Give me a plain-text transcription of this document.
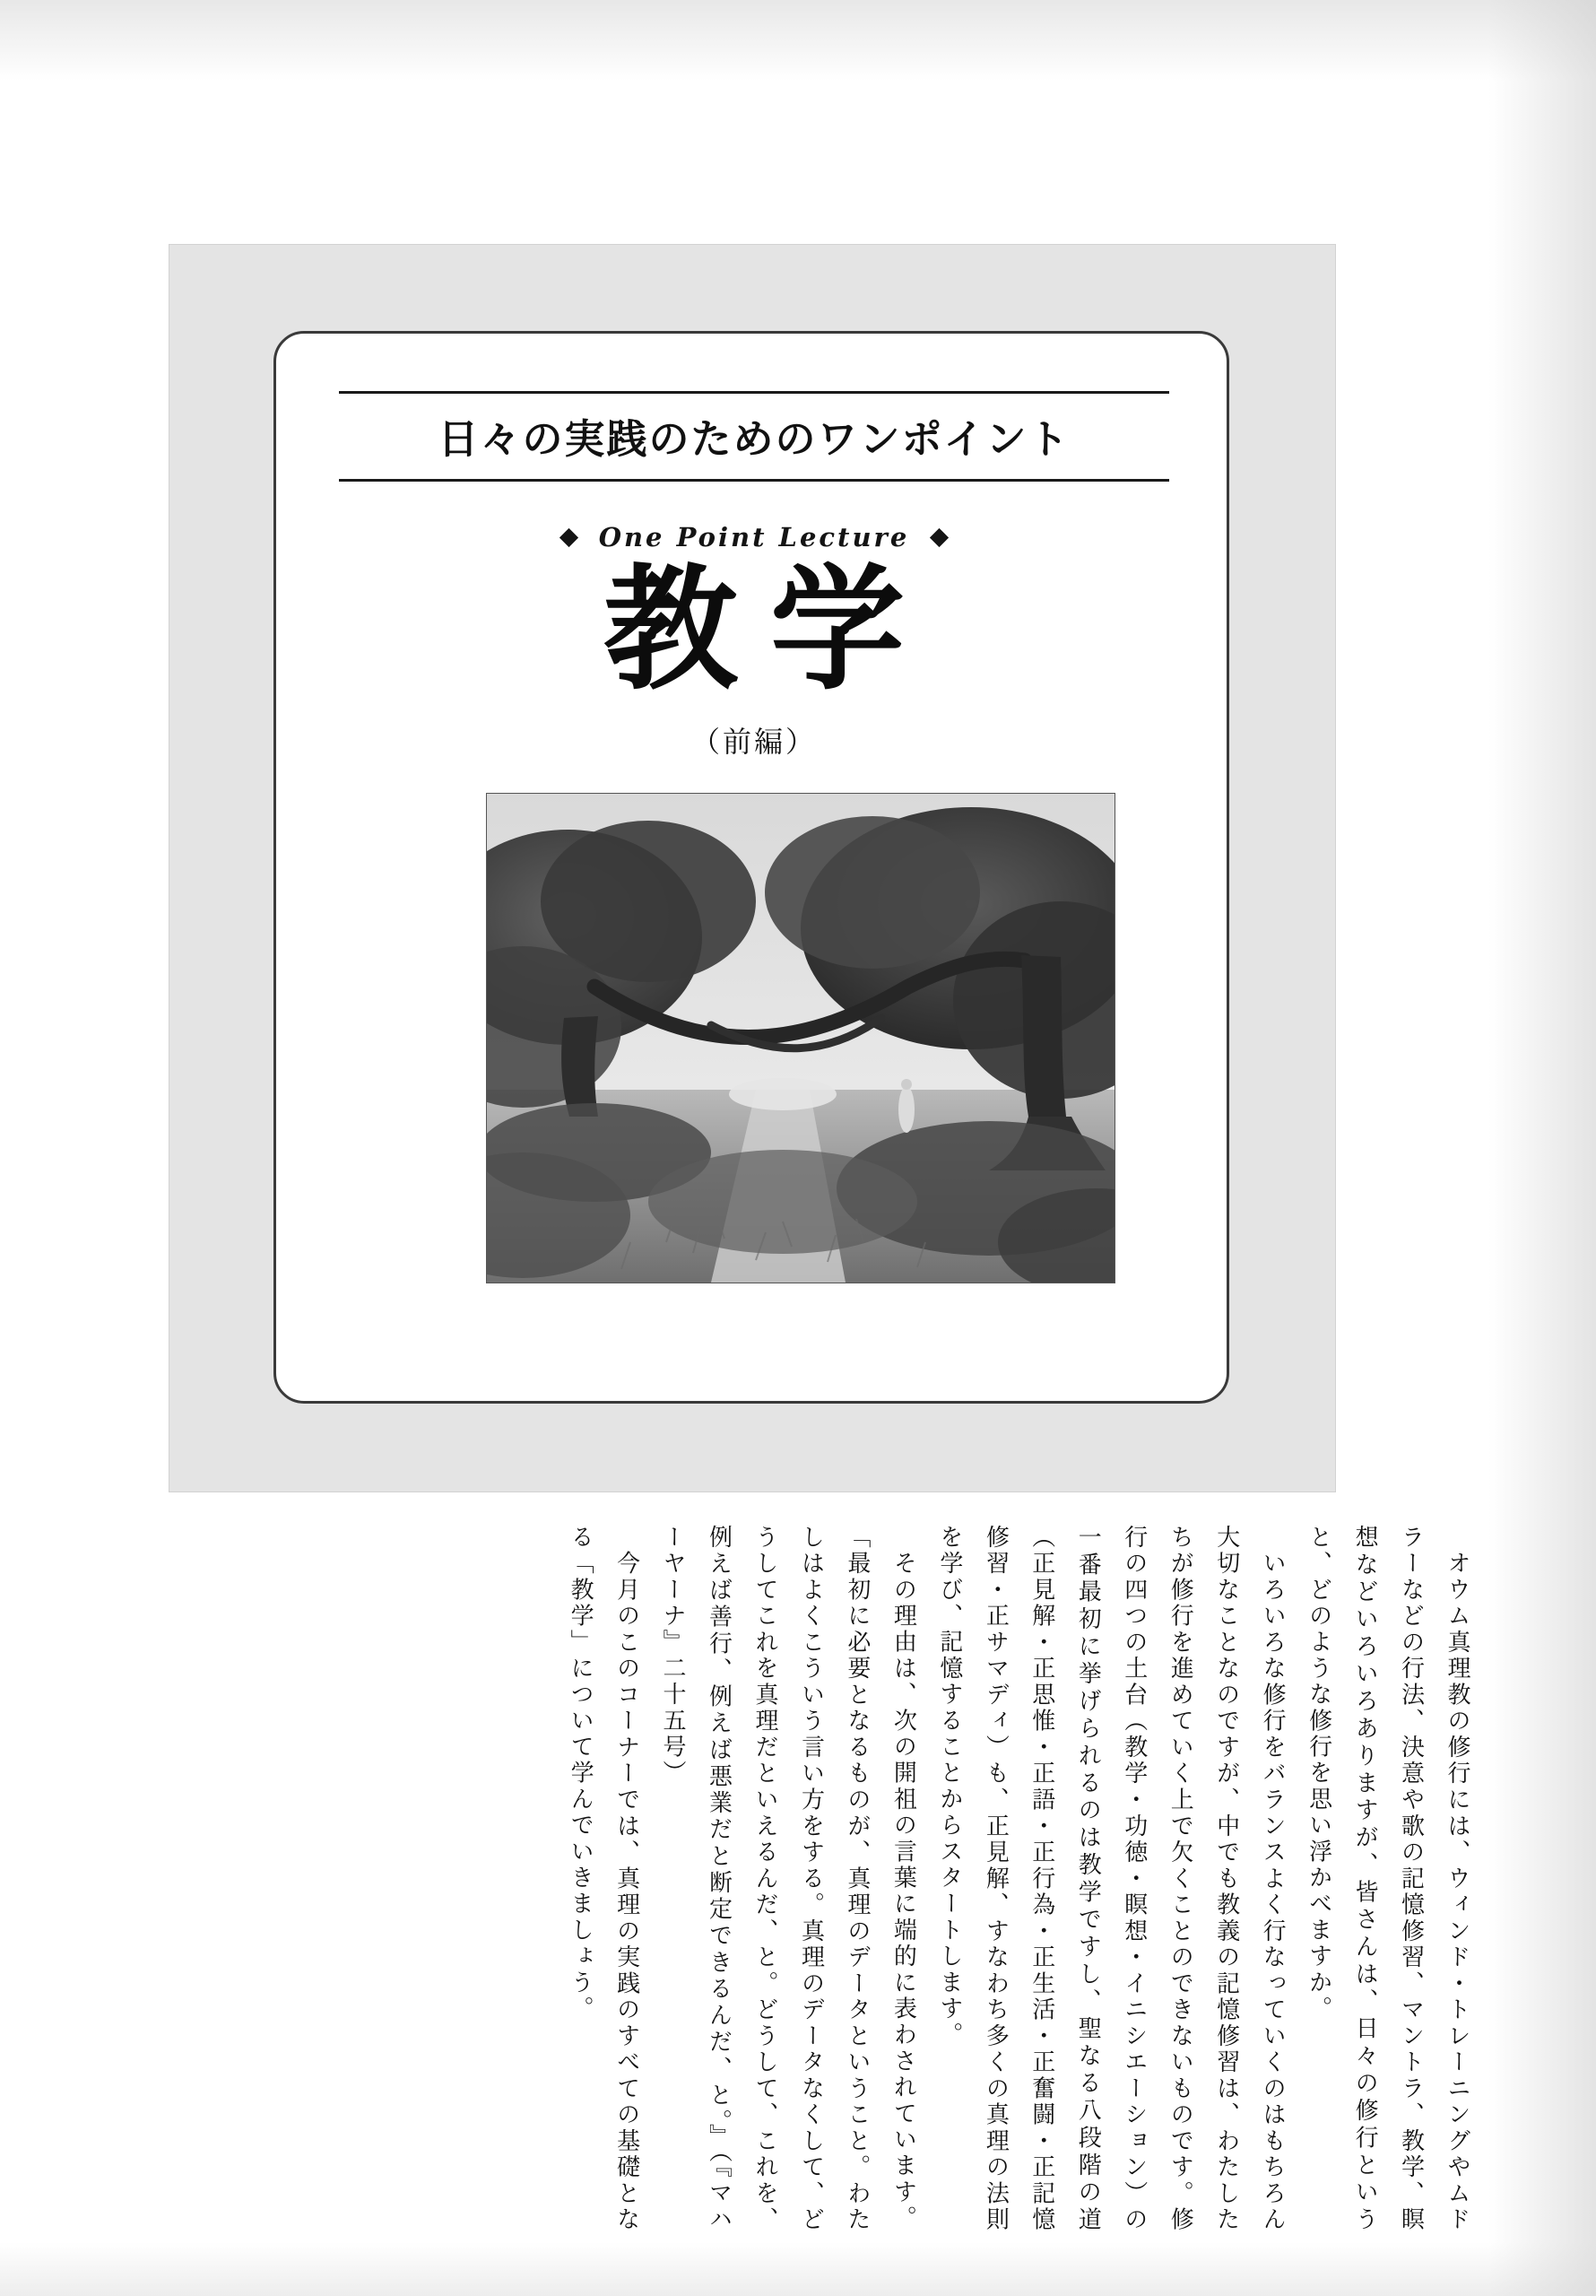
日々の実践のためのワンポイント
One Point Lecture
教学
（前編）

　オウム真理教の修行には、ウィンド・トレーニングやムドラーなどの行法、決意や歌の記憶修習、マントラ、教学、瞑想などいろいろありますが、皆さんは、日々の修行というと、どのような修行を思い浮かべますか。

　いろいろな修行をバランスよく行なっていくのはもちろん大切なことなのですが、中でも教義の記憶修習は、わたしたちが修行を進めていく上で欠くことのできないものです。修行の四つの土台（教学・功徳・瞑想・イニシエーション）の一番最初に挙げられるのは教学ですし、聖なる八段階の道（正見解・正思惟・正語・正行為・正生活・正奮闘・正記憶修習・正サマディ）も、正見解、すなわち多くの真理の法則を学び、記憶することからスタートします。

　その理由は、次の開祖の言葉に端的に表わされています。

「最初に必要となるものが、真理のデータということ。わたしはよくこういう言い方をする。真理のデータなくして、どうしてこれを真理だといえるんだ、と。どうして、これを、例えば善行、例えば悪業だと断定できるんだ、と。』（『マハーヤーナ』二十五号）

　今月のこのコーナーでは、真理の実践のすべての基礎となる「教学」について学んでいきましょう。
